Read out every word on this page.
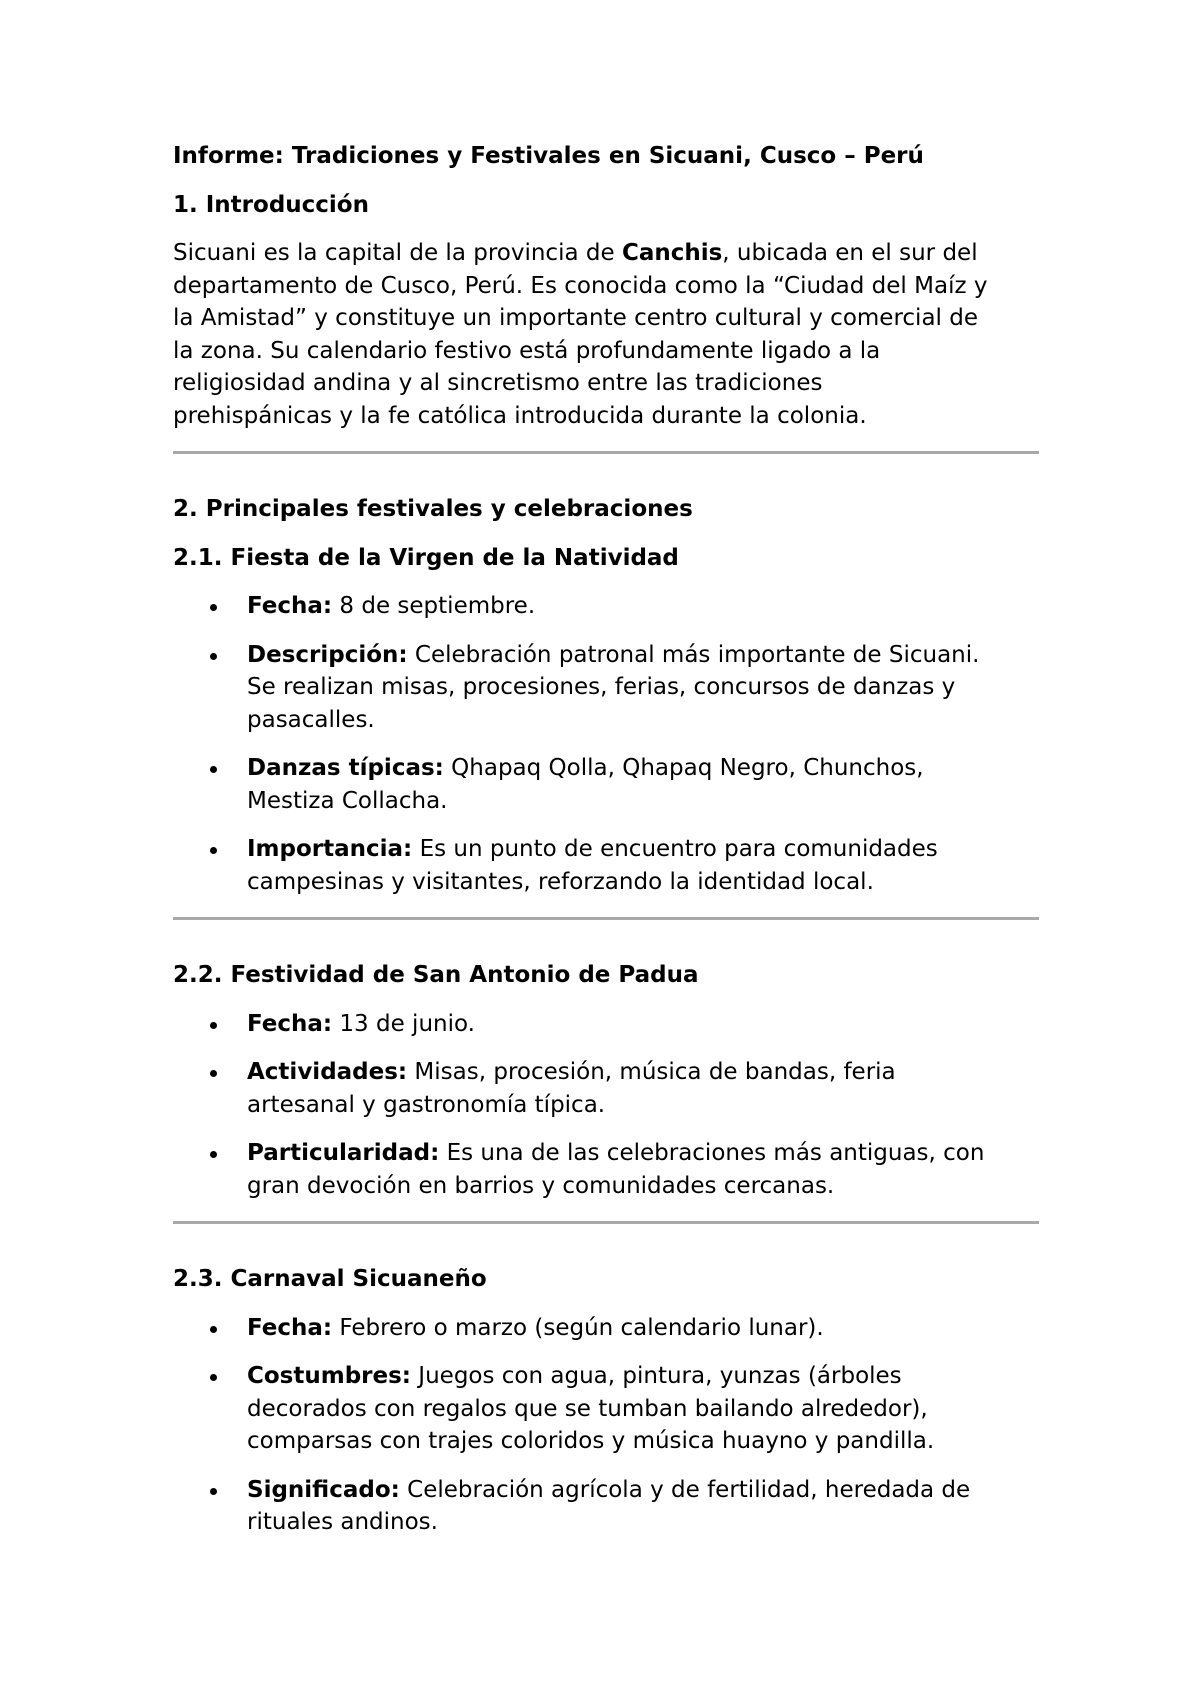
Informe: Tradiciones y Festivales en Sicuani, Cusco – Perú
1. Introducción
Sicuani es la capital de la provincia de Canchis, ubicada en el sur del
departamento de Cusco, Perú. Es conocida como la “Ciudad del Maíz y
la Amistad” y constituye un importante centro cultural y comercial de
la zona. Su calendario festivo está profundamente ligado a la
religiosidad andina y al sincretismo entre las tradiciones
prehispánicas y la fe católica introducida durante la colonia.
2. Principales festivales y celebraciones
2.1. Fiesta de la Virgen de la Natividad
Fecha: 8 de septiembre.
Descripción: Celebración patronal más importante de Sicuani.
Se realizan misas, procesiones, ferias, concursos de danzas y
pasacalles.
Danzas típicas: Qhapaq Qolla, Qhapaq Negro, Chunchos,
Mestiza Collacha.
Importancia: Es un punto de encuentro para comunidades
campesinas y visitantes, reforzando la identidad local.
2.2. Festividad de San Antonio de Padua
Fecha: 13 de junio.
Actividades: Misas, procesión, música de bandas, feria
artesanal y gastronomía típica.
Particularidad: Es una de las celebraciones más antiguas, con
gran devoción en barrios y comunidades cercanas.
2.3. Carnaval Sicuaneño
Fecha: Febrero o marzo (según calendario lunar).
Costumbres: Juegos con agua, pintura, yunzas (árboles
decorados con regalos que se tumban bailando alrededor),
comparsas con trajes coloridos y música huayno y pandilla.
Significado: Celebración agrícola y de fertilidad, heredada de
rituales andinos.
